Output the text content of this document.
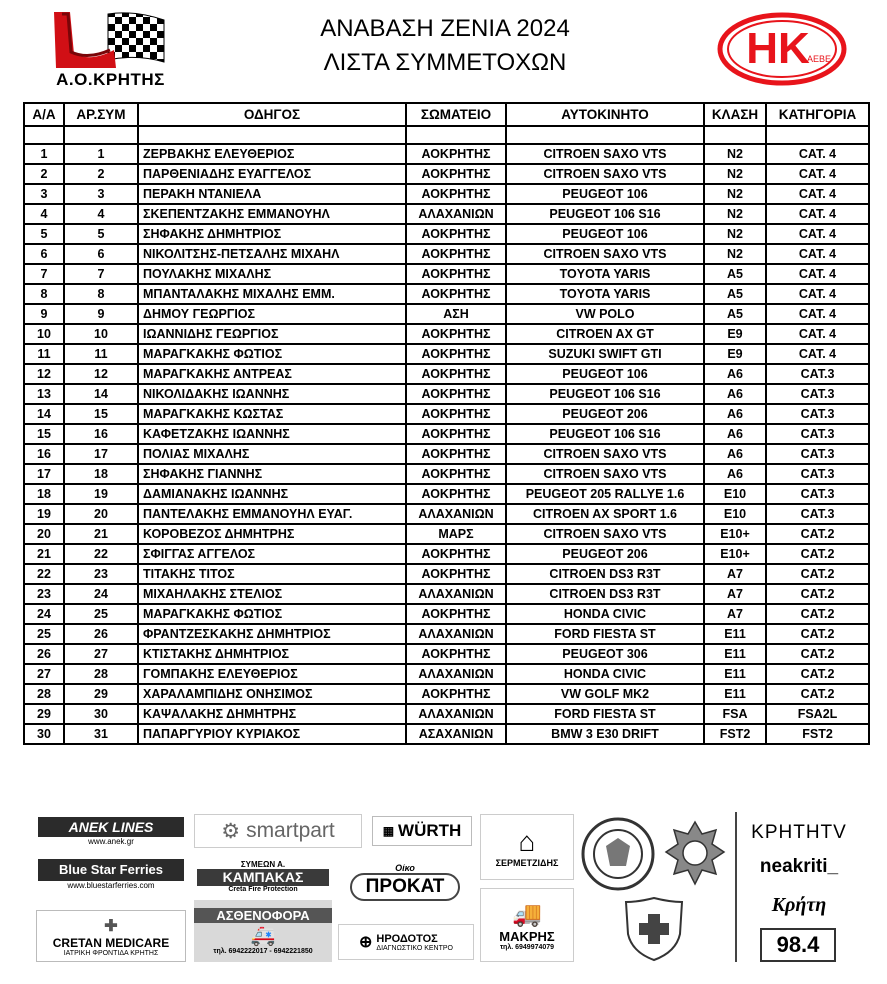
Α.Ο.ΚΡΗΤΗΣ
ΑΝΑΒΑΣΗ ΖΕΝΙΑ 2024
ΛΙΣΤΑ ΣΥΜΜΕΤΟΧΩΝ	HK
ΑΕΒΕ
Α/Α	ΑΡ.ΣΥΜ	ΟΔΗΓΟΣ	ΣΩΜΑΤΕΙΟ	ΑΥΤΟΚΙΝΗΤΟ	ΚΛΑΣΗ	ΚΑΤΗΓΟΡΙΑ

1	1	ΖΕΡΒΑΚΗΣ ΕΛΕΥΘΕΡΙΟΣ	ΑΟΚΡΗΤΗΣ	CITROEN SAXO VTS	N2	CAT. 4
2	2	ΠΑΡΘΕΝΙΑΔΗΣ ΕΥΑΓΓΕΛΟΣ	ΑΟΚΡΗΤΗΣ	CITROEN SAXO VTS	N2	CAT. 4
3	3	ΠΕΡΑΚΗ ΝΤΑΝΙΕΛΑ	ΑΟΚΡΗΤΗΣ	PEUGEOT 106	N2	CAT. 4
4	4	ΣΚΕΠΕΝΤΖΑΚΗΣ ΕΜΜΑΝΟΥΗΛ	ΑΛΑΧΑΝΙΩΝ	PEUGEOT 106 S16	N2	CAT. 4
5	5	ΣΗΦΑΚΗΣ ΔΗΜΗΤΡΙΟΣ	ΑΟΚΡΗΤΗΣ	PEUGEOT 106	N2	CAT. 4
6	6	ΝΙΚΟΛΙΤΣΗΣ-ΠΕΤΣΑΛΗΣ ΜΙΧΑΗΛ	ΑΟΚΡΗΤΗΣ	CITROEN SAXO VTS	N2	CAT. 4
7	7	ΠΟΥΛΑΚΗΣ ΜΙΧΑΛΗΣ	ΑΟΚΡΗΤΗΣ	TOYOTA YARIS	A5	CAT. 4
8	8	ΜΠΑΝΤΑΛΑΚΗΣ ΜΙΧΑΛΗΣ ΕΜΜ.	ΑΟΚΡΗΤΗΣ	TOYOTA YARIS	A5	CAT. 4
9	9	ΔΗΜΟΥ ΓΕΩΡΓΙΟΣ	ΑΣΗ	VW POLO	A5	CAT. 4
10	10	ΙΩΑΝΝΙΔΗΣ ΓΕΩΡΓΙΟΣ	ΑΟΚΡΗΤΗΣ	CITROEN AX GT	E9	CAT. 4
11	11	ΜΑΡΑΓΚΑΚΗΣ ΦΩΤΙΟΣ	ΑΟΚΡΗΤΗΣ	SUZUKI SWIFT GTI	E9	CAT. 4
12	12	ΜΑΡΑΓΚΑΚΗΣ ΑΝΤΡΕΑΣ	ΑΟΚΡΗΤΗΣ	PEUGEOT 106	A6	CAT.3
13	14	ΝΙΚΟΛΙΔΑΚΗΣ ΙΩΑΝΝΗΣ	ΑΟΚΡΗΤΗΣ	PEUGEOT 106 S16	A6	CAT.3
14	15	ΜΑΡΑΓΚΑΚΗΣ ΚΩΣΤΑΣ	ΑΟΚΡΗΤΗΣ	PEUGEOT 206	A6	CAT.3
15	16	ΚΑΦΕΤΖΑΚΗΣ ΙΩΑΝΝΗΣ	ΑΟΚΡΗΤΗΣ	PEUGEOT 106 S16	A6	CAT.3
16	17	ΠΟΛΙΑΣ ΜΙΧΑΛΗΣ	ΑΟΚΡΗΤΗΣ	CITROEN SAXO VTS	A6	CAT.3
17	18	ΣΗΦΑΚΗΣ ΓΙΑΝΝΗΣ	ΑΟΚΡΗΤΗΣ	CITROEN SAXO VTS	A6	CAT.3
18	19	ΔΑΜΙΑΝΑΚΗΣ ΙΩΑΝΝΗΣ	ΑΟΚΡΗΤΗΣ	PEUGEOT 205 RALLYE 1.6	E10	CAT.3
19	20	ΠΑΝΤΕΛΑΚΗΣ ΕΜΜΑΝΟΥΗΛ ΕΥΑΓ.	ΑΛΑΧΑΝΙΩΝ	CITROEN AX SPORT 1.6	E10	CAT.3
20	21	ΚΟΡΟΒΕΖΟΣ ΔΗΜΗΤΡΗΣ	ΜΑΡΣ	CITROEN SAXO VTS	E10+	CAT.2
21	22	ΣΦΙΓΓΑΣ ΑΓΓΕΛΟΣ	ΑΟΚΡΗΤΗΣ	PEUGEOT 206	E10+	CAT.2
22	23	ΤΙΤΑΚΗΣ ΤΙΤΟΣ	ΑΟΚΡΗΤΗΣ	CITROEN DS3 R3T	A7	CAT.2
23	24	ΜΙΧΑΗΛΑΚΗΣ ΣΤΕΛΙΟΣ	ΑΛΑΧΑΝΙΩΝ	CITROEN DS3 R3T	A7	CAT.2
24	25	ΜΑΡΑΓΚΑΚΗΣ ΦΩΤΙΟΣ	ΑΟΚΡΗΤΗΣ	HONDA CIVIC	A7	CAT.2
25	26	ΦΡΑΝΤΖΕΣΚΑΚΗΣ ΔΗΜΗΤΡΙΟΣ	ΑΛΑΧΑΝΙΩΝ	FORD FIESTA ST	E11	CAT.2
26	27	ΚΤΙΣΤΑΚΗΣ ΔΗΜΗΤΡΙΟΣ	ΑΟΚΡΗΤΗΣ	PEUGEOT 306	E11	CAT.2
27	28	ΓΟΜΠΑΚΗΣ ΕΛΕΥΘΕΡΙΟΣ	ΑΛΑΧΑΝΙΩΝ	HONDA CIVIC	E11	CAT.2
28	29	ΧΑΡΑΛΑΜΠΙΔΗΣ ΟΝΗΣΙΜΟΣ	ΑΟΚΡΗΤΗΣ	VW GOLF MK2	E11	CAT.2
29	30	ΚΑΨΑΛΑΚΗΣ ΔΗΜΗΤΡΗΣ	ΑΛΑΧΑΝΙΩΝ	FORD FIESTA ST	FSA	FSA2L
30	31	ΠΑΠΑΡΓΥΡΙΟΥ ΚΥΡΙΑΚΟΣ	ΑΣΑΧΑΝΙΩΝ	BMW 3 E30 DRIFT	FST2	FST2
ANEK LINES
www.anek.gr
Blue Star Ferries
www.bluestarferries.com
✚
CRETAN MEDICARE
ΙΑΤΡΙΚΗ ΦΡΟΝΤΙΔΑ ΚΡΗΤΗΣ
⚙ smartpart
ΣΥΜΕΩΝ Α.
ΚΑΜΠΑΚΑΣ
Creta Fire Protection
ΑΣΘΕΝΟΦΟΡΑ
🚑
τηλ. 6942222017 - 6942221850
▦ WÜRTH
Οίκο
ΠΡΟΚΑΤ
⊕ ΗΡΟΔΟΤΟΣ
ΔΙΑΓΝΩΣΤΙΚΟ ΚΕΝΤΡΟ
⌂
ΣΕΡΜΕΤΖΙΔΗΣ
🚚
ΜΑΚΡΗΣ
τηλ. 6949974079
ΚΡΗΤΗTV
neakriti_
Κρήτη
98.4
